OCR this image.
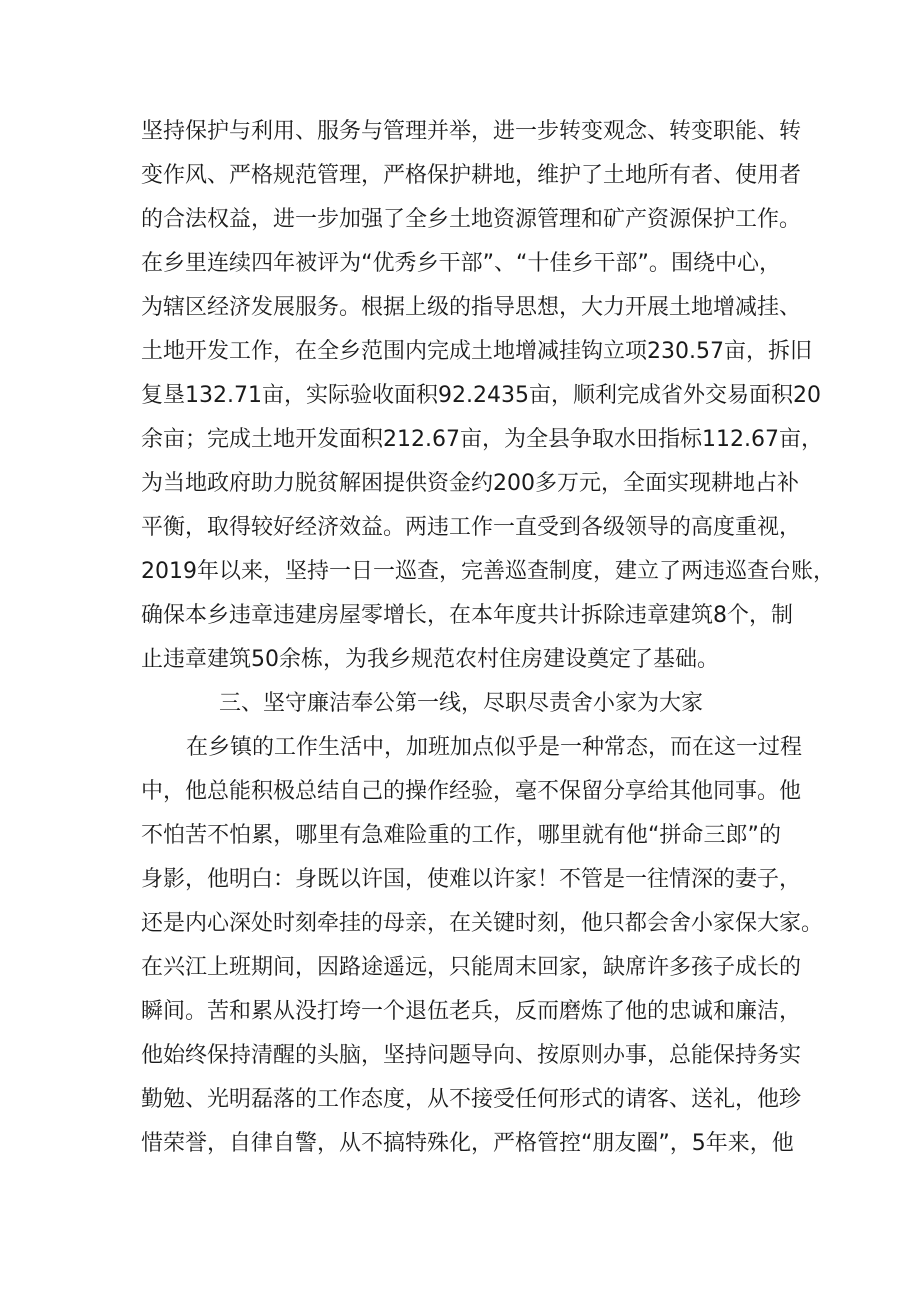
坚持保护与利用、服务与管理并举，进一步转变观念、转变职能、转
变作风、严格规范管理，严格保护耕地，维护了土地所有者、使用者
的合法权益，进一步加强了全乡土地资源管理和矿产资源保护工作。
在乡里连续四年被评为“优秀乡干部”、“十佳乡干部”。围绕中心，
为辖区经济发展服务。根据上级的指导思想，大力开展土地增减挂、
土地开发工作，在全乡范围内完成土地增减挂钩立项230.57亩，拆旧
复垦132.71亩，实际验收面积92.2435亩，顺利完成省外交易面积20
余亩；完成土地开发面积212.67亩，为全县争取水田指标112.67亩，
为当地政府助力脱贫解困提供资金约200多万元，全面实现耕地占补
平衡，取得较好经济效益。两违工作一直受到各级领导的高度重视，
2019年以来，坚持一日一巡查，完善巡查制度，建立了两违巡查台账，
确保本乡违章违建房屋零增长，在本年度共计拆除违章建筑8个，制
止违章建筑50余栋，为我乡规范农村住房建设奠定了基础。
三、坚守廉洁奉公第一线，尽职尽责舍小家为大家
在乡镇的工作生活中，加班加点似乎是一种常态，而在这一过程
中，他总能积极总结自己的操作经验，毫不保留分享给其他同事。他
不怕苦不怕累，哪里有急难险重的工作，哪里就有他“拼命三郎”的
身影，他明白：身既以许国，使难以许家！不管是一往情深的妻子，
还是内心深处时刻牵挂的母亲，在关键时刻，他只都会舍小家保大家。
在兴江上班期间，因路途遥远，只能周末回家，缺席许多孩子成长的
瞬间。苦和累从没打垮一个退伍老兵，反而磨炼了他的忠诚和廉洁，
他始终保持清醒的头脑，坚持问题导向、按原则办事，总能保持务实
勤勉、光明磊落的工作态度，从不接受任何形式的请客、送礼，他珍
惜荣誉，自律自警，从不搞特殊化，严格管控“朋友圈”，5年来，他
